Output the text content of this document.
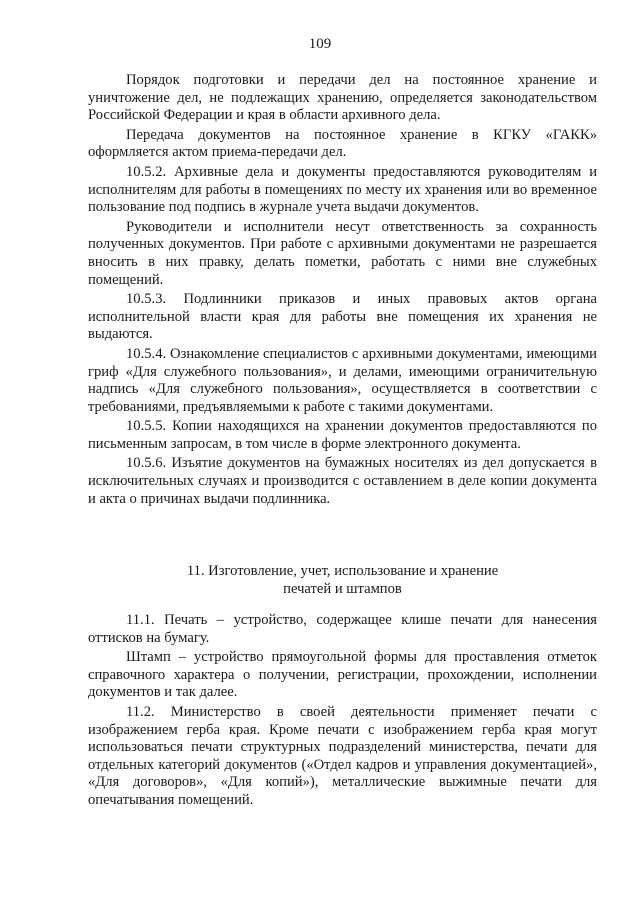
109

Порядок подготовки и передачи дел на постоянное хранение и уничтожение дел, не подлежащих хранению, определяется законодательством Российской Федерации и края в области архивного дела.

Передача документов на постоянное хранение в КГКУ «ГАКК» оформляется актом приема-передачи дел.

10.5.2. Архивные дела и документы предоставляются руководителям и исполнителям для работы в помещениях по месту их хранения или во временное пользование под подпись в журнале учета выдачи документов.

Руководители и исполнители несут ответственность за сохранность полученных документов. При работе с архивными документами не разрешается вносить в них правку, делать пометки, работать с ними вне служебных помещений.

10.5.3. Подлинники приказов и иных правовых актов органа исполнительной власти края для работы вне помещения их хранения не выдаются.

10.5.4. Ознакомление специалистов с архивными документами, имеющими гриф «Для служебного пользования», и делами, имеющими ограничительную надпись «Для служебного пользования», осуществляется в соответствии с требованиями, предъявляемыми к работе с такими документами.

10.5.5. Копии находящихся на хранении документов предоставляются по письменным запросам, в том числе в форме электронного документа.

10.5.6. Изъятие документов на бумажных носителях из дел допускается в исключительных случаях и производится с оставлением в деле копии документа и акта о причинах выдачи подлинника.

11. Изготовление, учет, использование и хранение
печатей и штампов

11.1. Печать – устройство, содержащее клише печати для нанесения оттисков на бумагу.

Штамп – устройство прямоугольной формы для проставления отметок справочного характера о получении, регистрации, прохождении, исполнении документов и так далее.

11.2. Министерство в своей деятельности применяет печати с изображением герба края. Кроме печати с изображением герба края могут использоваться печати структурных подразделений министерства, печати для отдельных категорий документов («Отдел кадров и управления документацией», «Для договоров», «Для копий»), металлические выжимные печати для опечатывания помещений.
